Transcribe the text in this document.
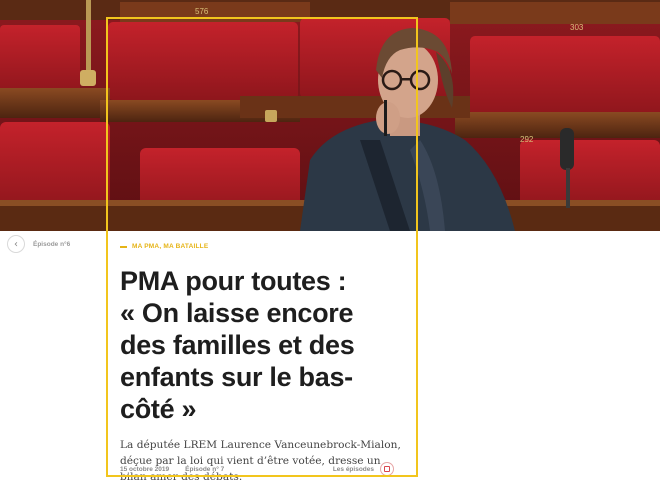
576
303
292
‹	Épisode n°6	MA PMA, MA BATAILLE
PMA pour toutes :
« On laisse encore des familles et des enfants sur le bas-côté »

La députée LREM Laurence Vanceunebrock-Mialon, déçue par la loi qui vient d’être votée, dresse un bilan amer des débats.

15 octobre 2019 Épisode n° 7	Les épisodes
